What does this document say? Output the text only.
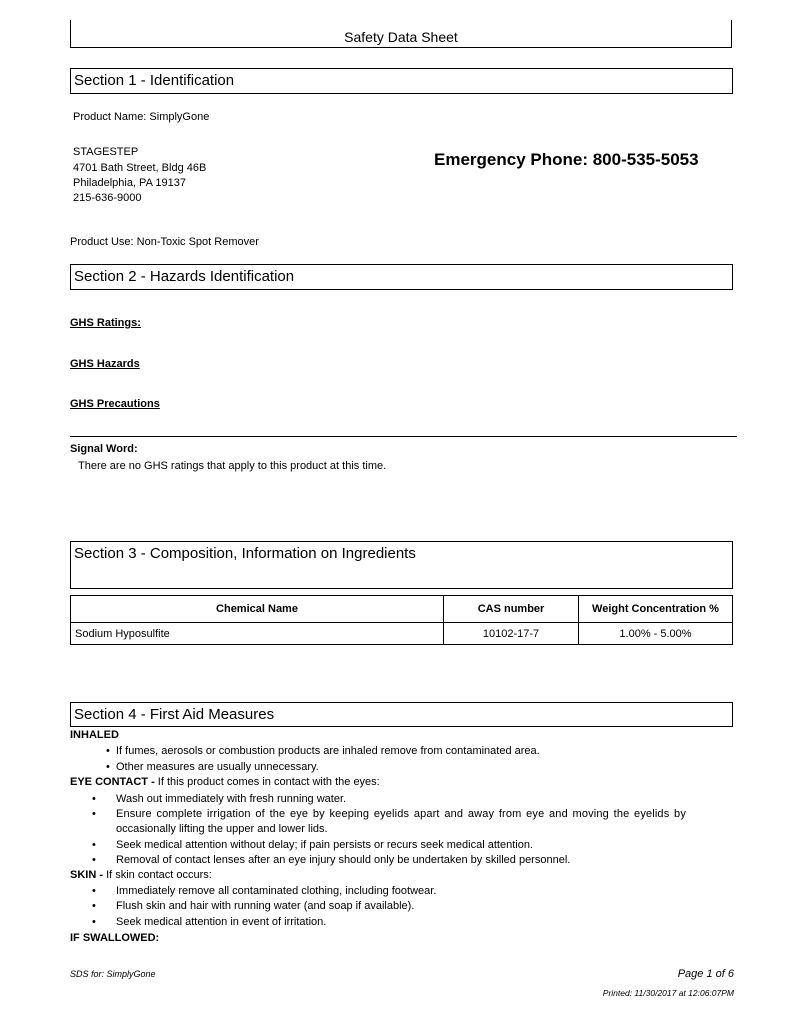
Safety Data Sheet
Section 1 - Identification
Product Name: SimplyGone
STAGESTEP
4701 Bath Street, Bldg 46B
Philadelphia, PA 19137
215-636-9000
Emergency Phone: 800-535-5053
Product Use: Non-Toxic Spot Remover
Section 2 - Hazards Identification
GHS Ratings:
GHS Hazards
GHS Precautions
Signal Word:
There are no GHS ratings that apply to this product at this time.
Section 3 - Composition, Information on Ingredients
Chemical Name	CAS number	Weight Concentration %
Sodium Hyposulfite	10102-17-7	1.00% - 5.00%
Section 4 - First Aid Measures
INHALED
• If fumes, aerosols or combustion products are inhaled remove from contaminated area.
• Other measures are usually unnecessary.
EYE CONTACT - If this product comes in contact with the eyes:
• Wash out immediately with fresh running water.
• Ensure complete irrigation of the eye by keeping eyelids apart and away from eye and moving the eyelids by
occasionally lifting the upper and lower lids.
• Seek medical attention without delay; if pain persists or recurs seek medical attention.
• Removal of contact lenses after an eye injury should only be undertaken by skilled personnel.
SKIN - If skin contact occurs:
• Immediately remove all contaminated clothing, including footwear.
• Flush skin and hair with running water (and soap if available).
• Seek medical attention in event of irritation.
IF SWALLOWED:
SDS for: SimplyGone	Page 1 of 6
Printed: 11/30/2017 at 12:06:07PM
